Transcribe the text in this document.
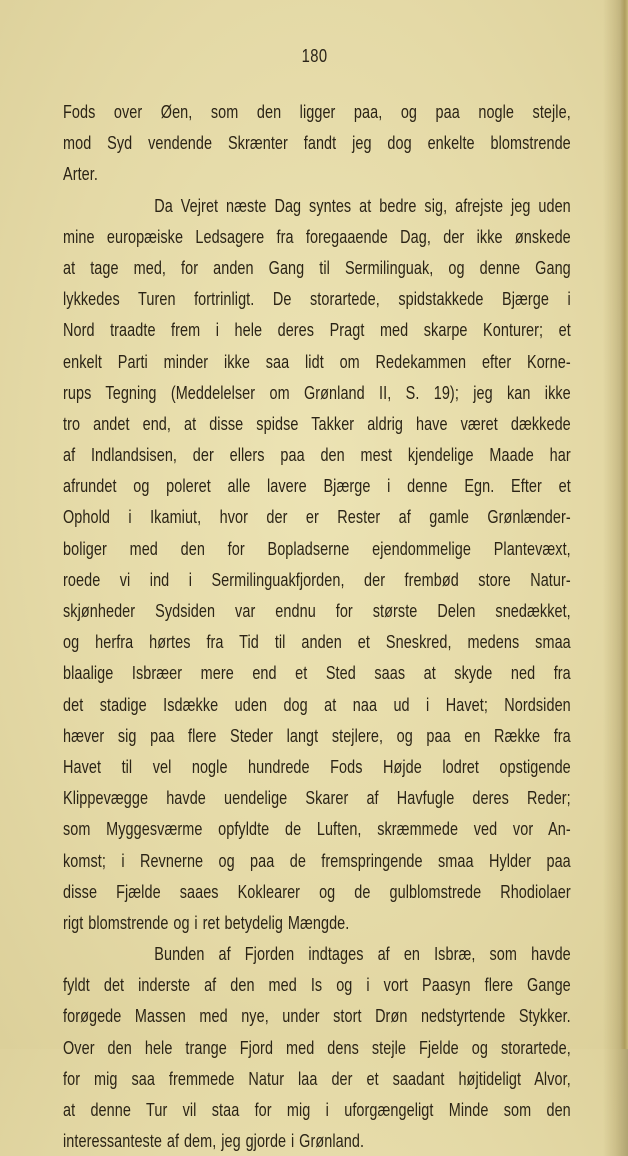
180
Fods over Øen, som den ligger paa, og paa nogle stejle,
mod Syd vendende Skrænter fandt jeg dog enkelte blomstrende
Arter.
Da Vejret næste Dag syntes at bedre sig, afrejste jeg uden
mine europæiske Ledsagere fra foregaaende Dag, der ikke ønskede
at tage med, for anden Gang til Sermilinguak, og denne Gang
lykkedes Turen fortrinligt. De storartede, spidstakkede Bjærge i
Nord traadte frem i hele deres Pragt med skarpe Konturer; et
enkelt Parti minder ikke saa lidt om Redekammen efter Korne-
rups Tegning (Meddelelser om Grønland II, S. 19); jeg kan ikke
tro andet end, at disse spidse Takker aldrig have været dækkede
af Indlandsisen, der ellers paa den mest kjendelige Maade har
afrundet og poleret alle lavere Bjærge i denne Egn. Efter et
Ophold i Ikamiut, hvor der er Rester af gamle Grønlænder-
boliger med den for Bopladserne ejendommelige Plantevæxt,
roede vi ind i Sermilinguakfjorden, der frembød store Natur-
skjønheder Sydsiden var endnu for største Delen snedækket,
og herfra hørtes fra Tid til anden et Sneskred, medens smaa
blaalige Isbræer mere end et Sted saas at skyde ned fra
det stadige Isdække uden dog at naa ud i Havet; Nordsiden
hæver sig paa flere Steder langt stejlere, og paa en Række fra
Havet til vel nogle hundrede Fods Højde lodret opstigende
Klippevægge havde uendelige Skarer af Havfugle deres Reder;
som Myggesværme opfyldte de Luften, skræmmede ved vor An-
komst; i Revnerne og paa de fremspringende smaa Hylder paa
disse Fjælde saaes Koklearer og de gulblomstrede Rhodiolaer
rigt blomstrende og i ret betydelig Mængde.
Bunden af Fjorden indtages af en Isbræ, som havde
fyldt det inderste af den med Is og i vort Paasyn flere Gange
forøgede Massen med nye, under stort Drøn nedstyrtende Stykker.
Over den hele trange Fjord med dens stejle Fjelde og storartede,
for mig saa fremmede Natur laa der et saadant højtideligt Alvor,
at denne Tur vil staa for mig i uforgængeligt Minde som den
interessanteste af dem, jeg gjorde i Grønland.
